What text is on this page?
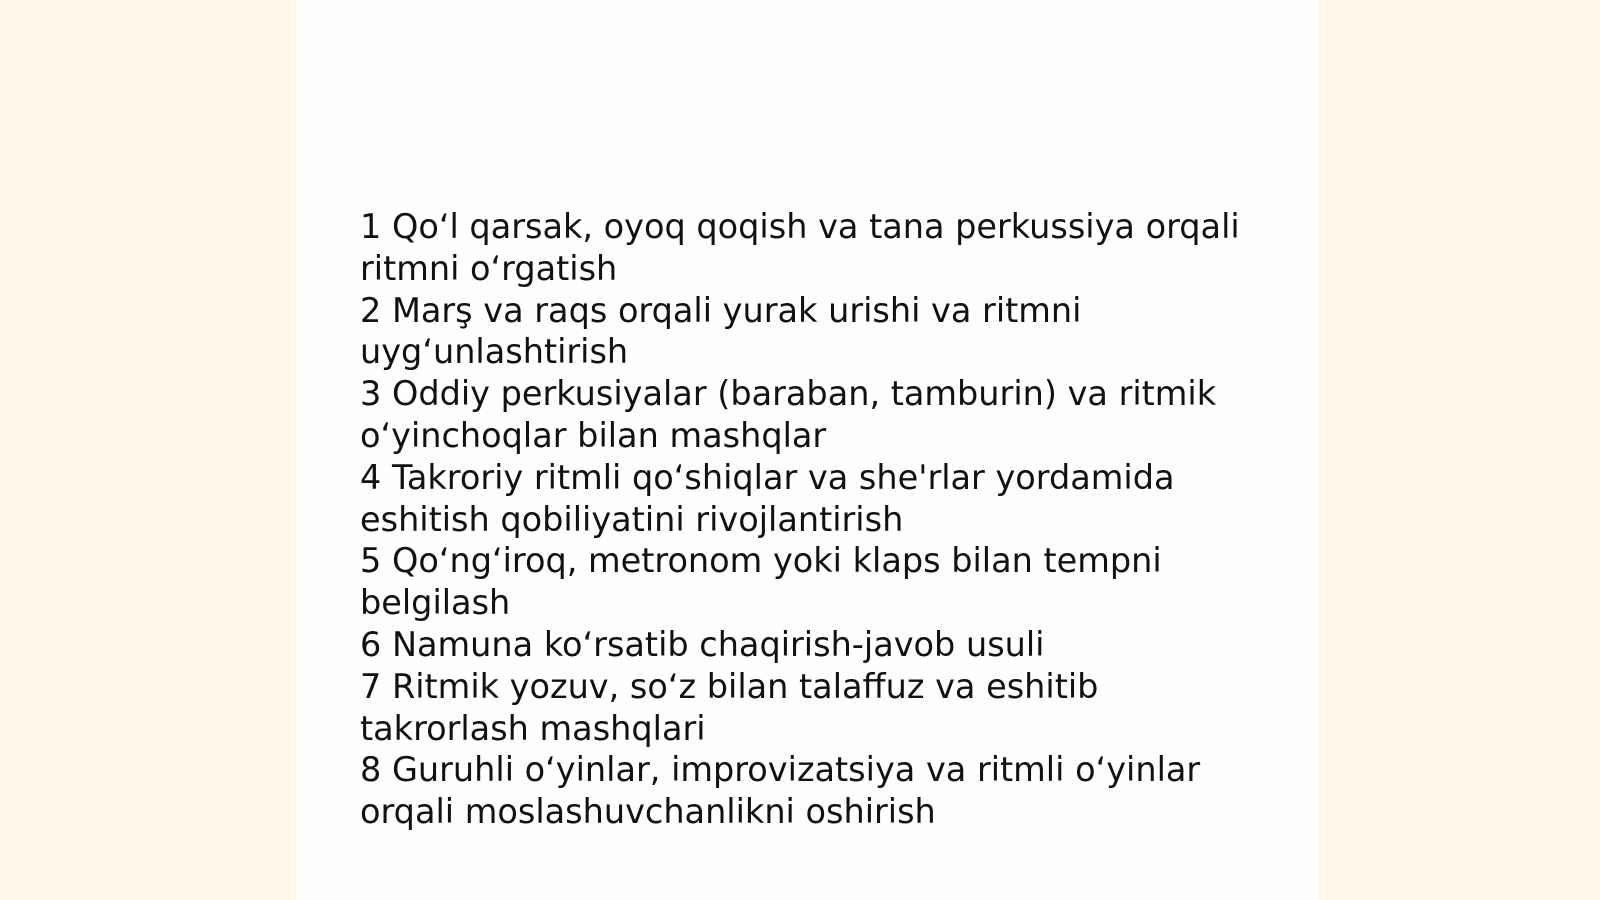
1 Qo‘l qarsak, oyoq qoqish va tana perkussiya orqali ritmni o‘rgatish

2 Marş va raqs orqali yurak urishi va ritmni uyg‘unlashtirish

3 Oddiy perkusiyalar (baraban, tamburin) va ritmik o‘yinchoqlar bilan mashqlar

4 Takroriy ritmli qo‘shiqlar va she'rlar yordamida eshitish qobiliyatini rivojlantirish

5 Qo‘ng‘iroq, metronom yoki klaps bilan tempni belgilash

6 Namuna ko‘rsatib chaqirish-javob usuli

7 Ritmik yozuv, so‘z bilan talaffuz va eshitib takrorlash mashqlari

8 Guruhli o‘yinlar, improvizatsiya va ritmli o‘yinlar orqali moslashuvchanlikni oshirish
